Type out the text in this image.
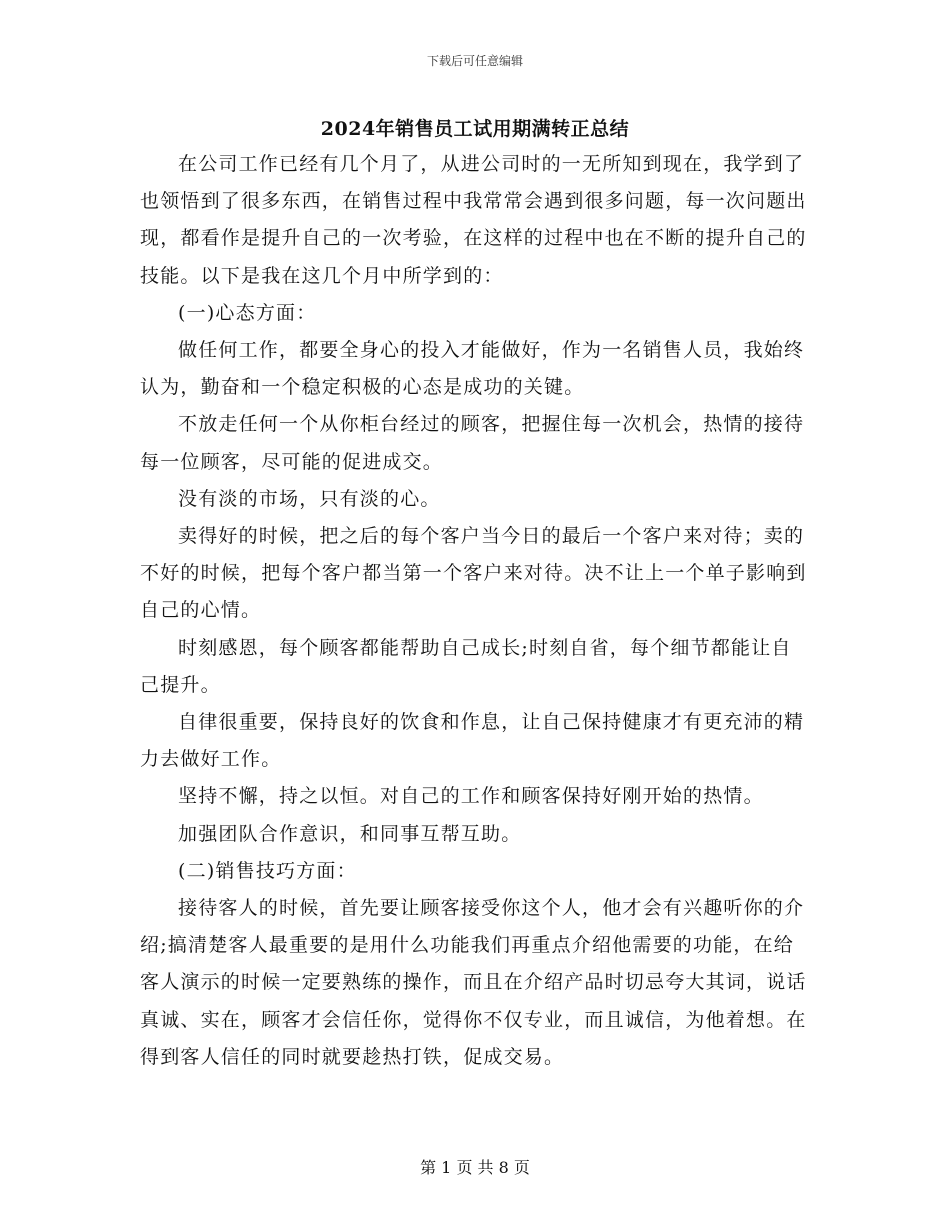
下载后可任意编辑
2024年销售员工试用期满转正总结

在公司工作已经有几个月了，从进公司时的一无所知到现在，我学到了也领悟到了很多东西，在销售过程中我常常会遇到很多问题，每一次问题出现，都看作是提升自己的一次考验，在这样的过程中也在不断的提升自己的技能。以下是我在这几个月中所学到的：

(一)心态方面：

做任何工作，都要全身心的投入才能做好，作为一名销售人员，我始终认为，勤奋和一个稳定积极的心态是成功的关键。

不放走任何一个从你柜台经过的顾客，把握住每一次机会，热情的接待每一位顾客，尽可能的促进成交。

没有淡的市场，只有淡的心。

卖得好的时候，把之后的每个客户当今日的最后一个客户来对待；卖的不好的时候，把每个客户都当第一个客户来对待。决不让上一个单子影响到自己的心情。

时刻感恩，每个顾客都能帮助自己成长;时刻自省，每个细节都能让自己提升。

自律很重要，保持良好的饮食和作息，让自己保持健康才有更充沛的精力去做好工作。

坚持不懈，持之以恒。对自己的工作和顾客保持好刚开始的热情。

加强团队合作意识，和同事互帮互助。

(二)销售技巧方面：

接待客人的时候，首先要让顾客接受你这个人，他才会有兴趣听你的介绍;搞清楚客人最重要的是用什么功能我们再重点介绍他需要的功能，在给客人演示的时候一定要熟练的操作，而且在介绍产品时切忌夸大其词，说话真诚、实在，顾客才会信任你，觉得你不仅专业，而且诚信，为他着想。在得到客人信任的同时就要趁热打铁，促成交易。

第 1 页 共 8 页
